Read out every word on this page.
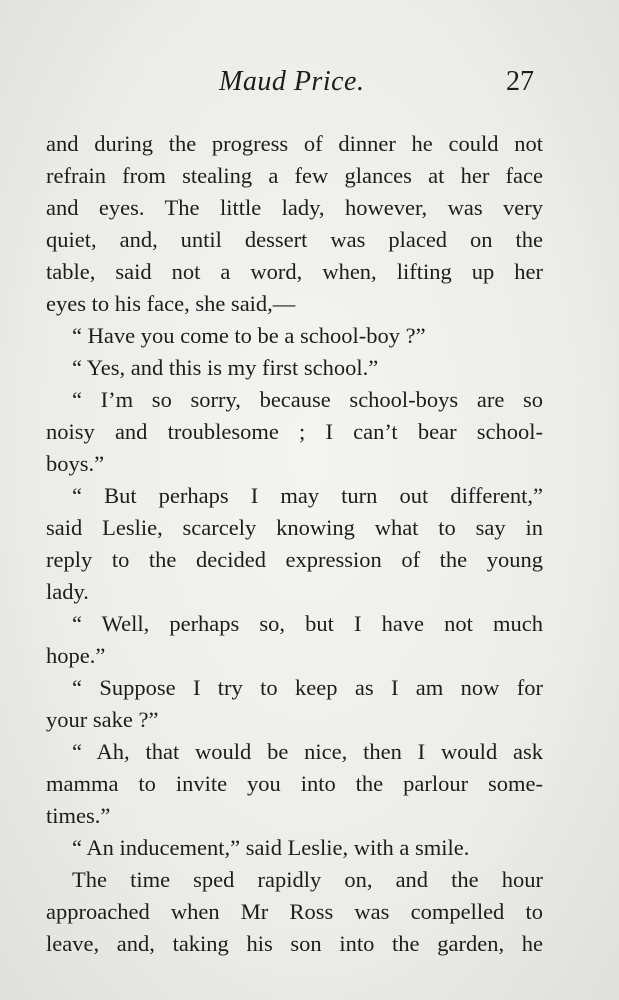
Maud Price.	27
and during the progress of dinner he could not
refrain from stealing a few glances at her face
and eyes. The little lady, however, was very
quiet, and, until dessert was placed on the
table, said not a word, when, lifting up her
eyes to his face, she said,—
“ Have you come to be a school-boy ?”
“ Yes, and this is my first school.”
“ I’m so sorry, because school-boys are so
noisy and troublesome ; I can’t bear school-
boys.”
“ But perhaps I may turn out different,”
said Leslie, scarcely knowing what to say in
reply to the decided expression of the young
lady.
“ Well, perhaps so, but I have not much
hope.”
“ Suppose I try to keep as I am now for
your sake ?”
“ Ah, that would be nice, then I would ask
mamma to invite you into the parlour some-
times.”
“ An inducement,” said Leslie, with a smile.
The time sped rapidly on, and the hour
approached when Mr Ross was compelled to
leave, and, taking his son into the garden, he
